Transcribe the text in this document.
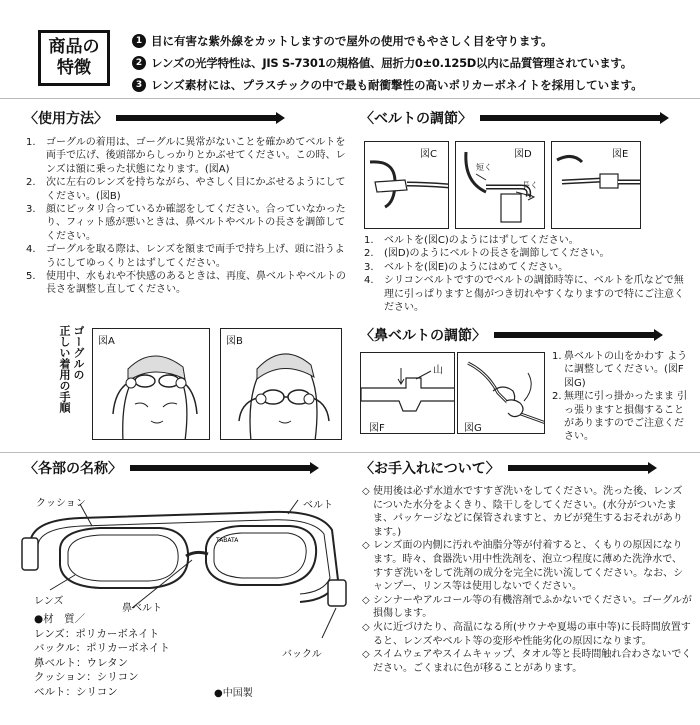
商品の
特徴
1 目に有害な紫外線をカットしますので屋外の使用でもやさしく目を守ります。
2 レンズの光学特性は、JIS S-7301の規格値、屈折力0±0.125D以内に品質管理されています。
3 レンズ素材には、プラスチックの中で最も耐衝撃性の高いポリカーボネイトを採用しています。
〈使用方法〉
1.	ゴーグルの着用は、ゴーグルに異常がないことを確かめてベルトを両手で広げ、後頭部からしっかりとかぶせてください。この時、レンズは額に乗った状態になります。(図A)
2.	次に左右のレンズを持ちながら、やさしく目にかぶせるようにしてください。(図B)
3.	顔にピッタリ合っているか確認をしてください。合っていなかったり、フィット感が悪いときは、鼻ベルトやベルトの長さを調節してください。
4.	ゴーグルを取る際は、レンズを額まで両手で持ち上げ、頭に沿うようにしてゆっくりとはずしてください。
5.	使用中、水もれや不快感のあるときは、再度、鼻ベルトやベルトの長さを調整し直してください。
ゴーグルの
正しい着用の手順	図A	図B
〈ベルトの調節〉
図C	図D
短く
長く
図E
1.	ベルトを(図C)のようにはずしてください。
2.	(図D)のようにベルトの長さを調節してください。
3.	ベルトを(図E)のようにはめてください。
4.	シリコンベルトですのでベルトの調節時等に、ベルトを爪などで無理に引っぱりますと傷がつき切れやすくなりますので特にご注意ください。
〈鼻ベルトの調節〉
山
図F	図G
1. 鼻ベルトの山をかわす ように調整してください。(図F 図G)
2. 無理に引っ掛かったまま 引っ張りますと損傷することがありますのでご注意ください。
〈各部の名称〉
TABATA
クッション	ベルト
レンズ
鼻ベルト
バックル
●材　質／
レンズ：ポリカーボネイト
バックル：ポリカーボネイト
鼻ベルト：ウレタン
クッション：シリコン
ベルト：シリコン	●中国製
〈お手入れについて〉
◇ 使用後は必ず水道水ですすぎ洗いをしてください。洗った後、レンズについた水分をよくきり、陰干しをしてください。(水分がついたまま、パッケージなどに保管されますと、カビが発生するおそれがあります。)
◇ レンズ面の内側に汚れや油脂分等が付着すると、くもりの原因になります。時々、食器洗い用中性洗剤を、泡立つ程度に薄めた洗浄水で、すすぎ洗いをして洗剤の成分を完全に洗い流してください。なお、シャンプー、リンス等は使用しないでください。
◇ シンナーやアルコール等の有機溶剤でふかないでください。ゴーグルが損傷します。
◇ 火に近づけたり、高温になる所(サウナや夏場の車中等)に長時間放置すると、レンズやベルト等の変形や性能劣化の原因になります。
◇ スイムウェアやスイムキャップ、タオル等と長時間触れ合わさないでください。ごくまれに色が移ることがあります。
